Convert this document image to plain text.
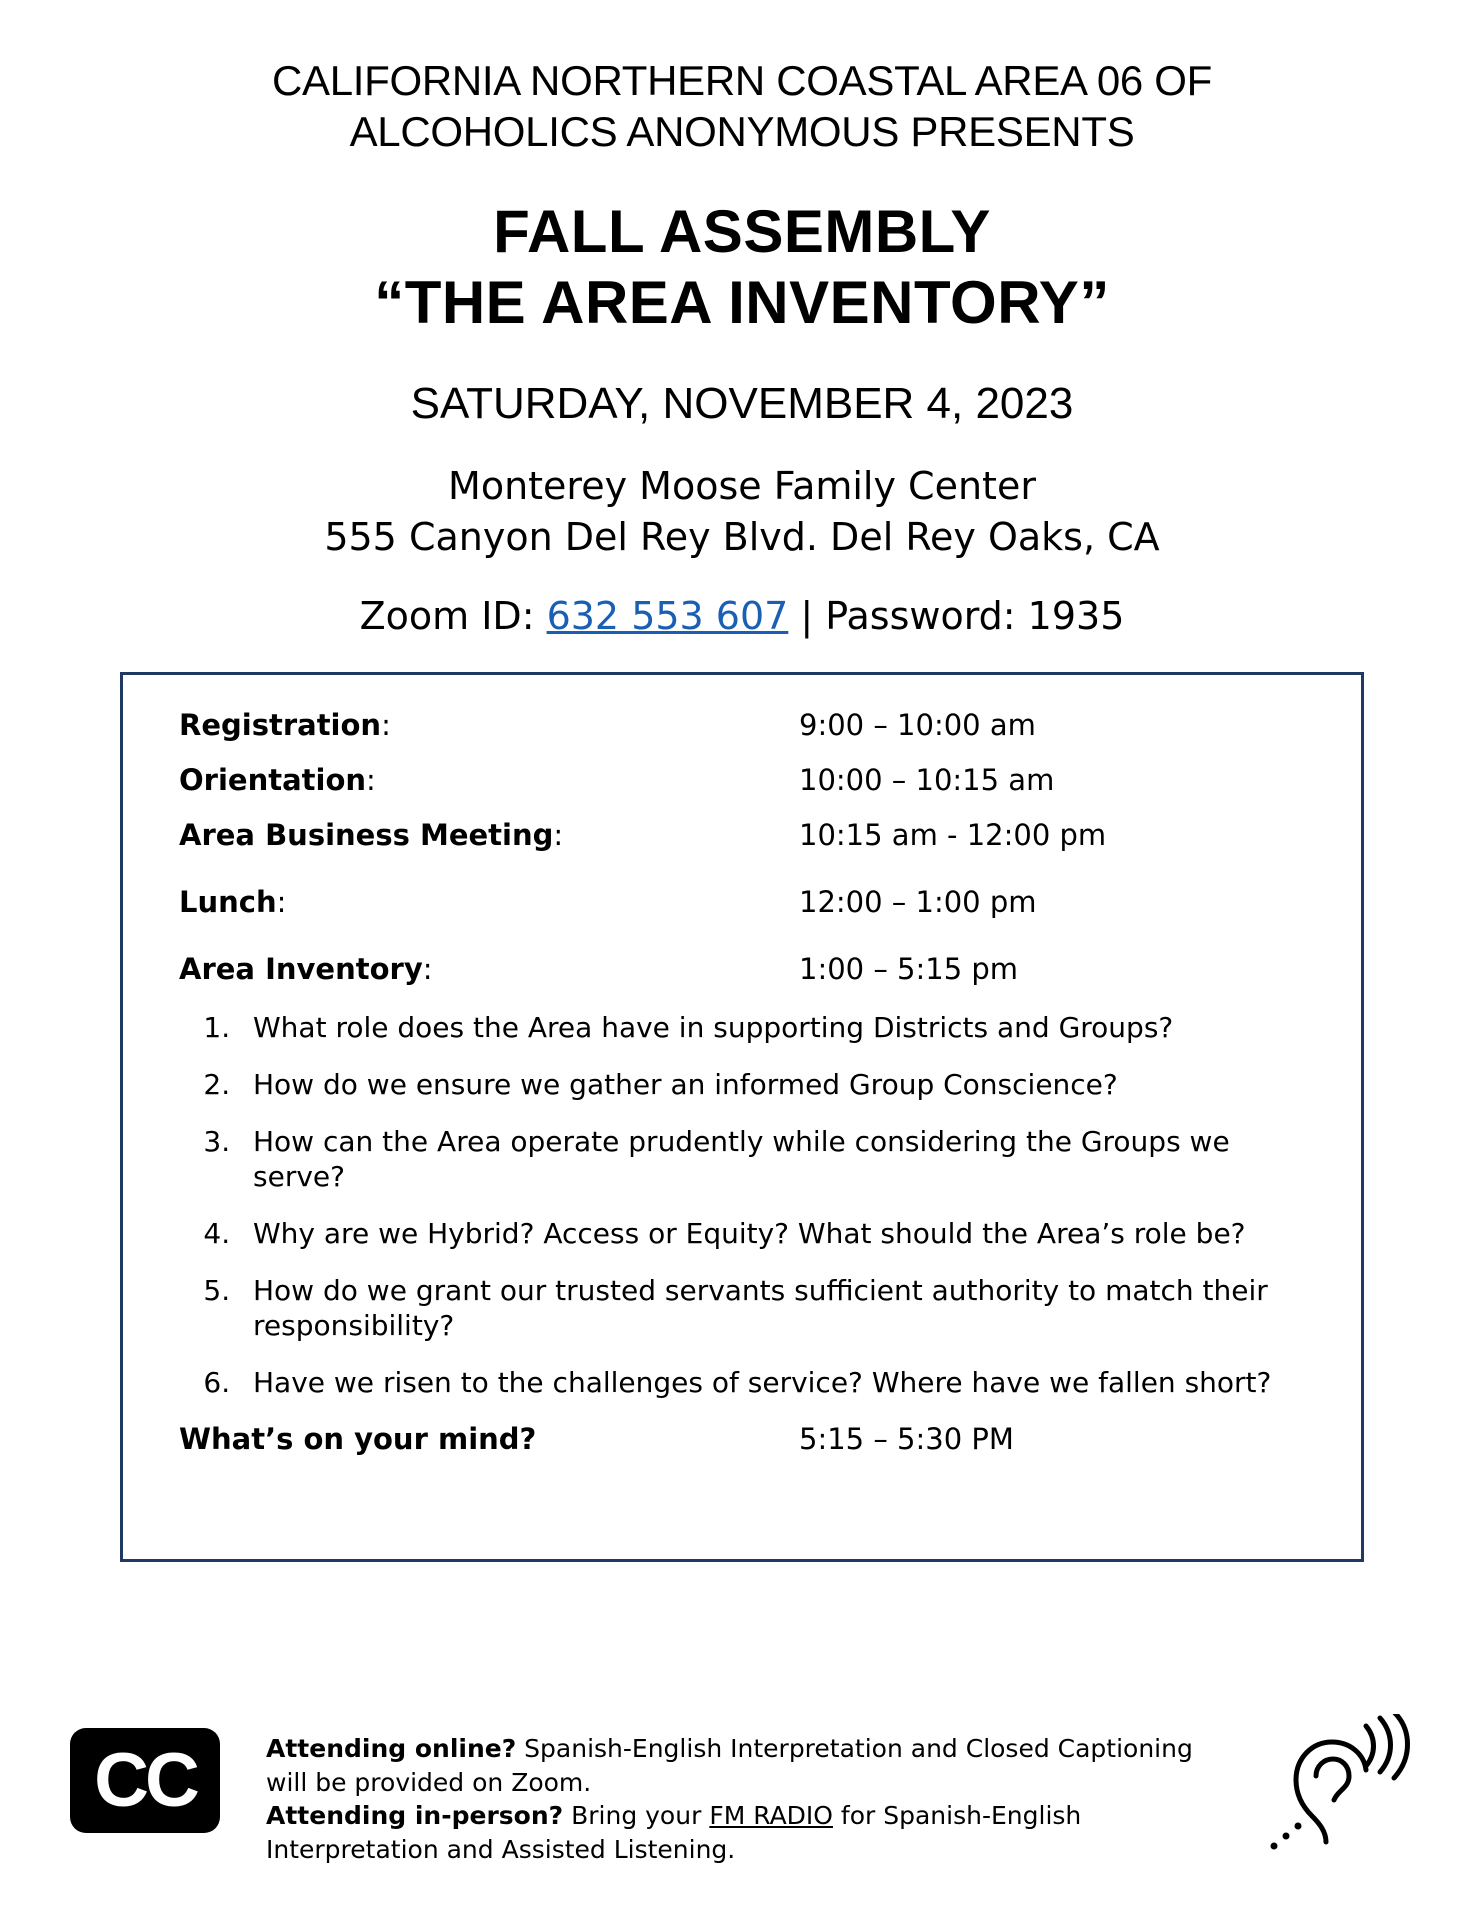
CALIFORNIA NORTHERN COASTAL AREA 06 OF
ALCOHOLICS ANONYMOUS PRESENTS
FALL ASSEMBLY
“THE AREA INVENTORY”
SATURDAY, NOVEMBER 4, 2023
Monterey Moose Family Center
555 Canyon Del Rey Blvd. Del Rey Oaks, CA
Zoom ID: 632 553 607 | Password: 1935
Registration:	9:00 – 10:00 am
Orientation:	10:00 – 10:15 am
Area Business Meeting:	10:15 am - 12:00 pm
Lunch:	12:00 – 1:00 pm
Area Inventory:	1:00 – 5:15 pm
1. What role does the Area have in supporting Districts and Groups?
2. How do we ensure we gather an informed Group Conscience?
3. How can the Area operate prudently while considering the Groups we serve?
4. Why are we Hybrid? Access or Equity? What should the Area’s role be?
5. How do we grant our trusted servants sufficient authority to match their responsibility?
6. Have we risen to the challenges of service? Where have we fallen short?
What’s on your mind?	5:15 – 5:30 PM
CC	Attending online? Spanish-English Interpretation and Closed Captioning will be provided on Zoom.
Attending in-person? Bring your FM RADIO for Spanish-English Interpretation and Assisted Listening.
